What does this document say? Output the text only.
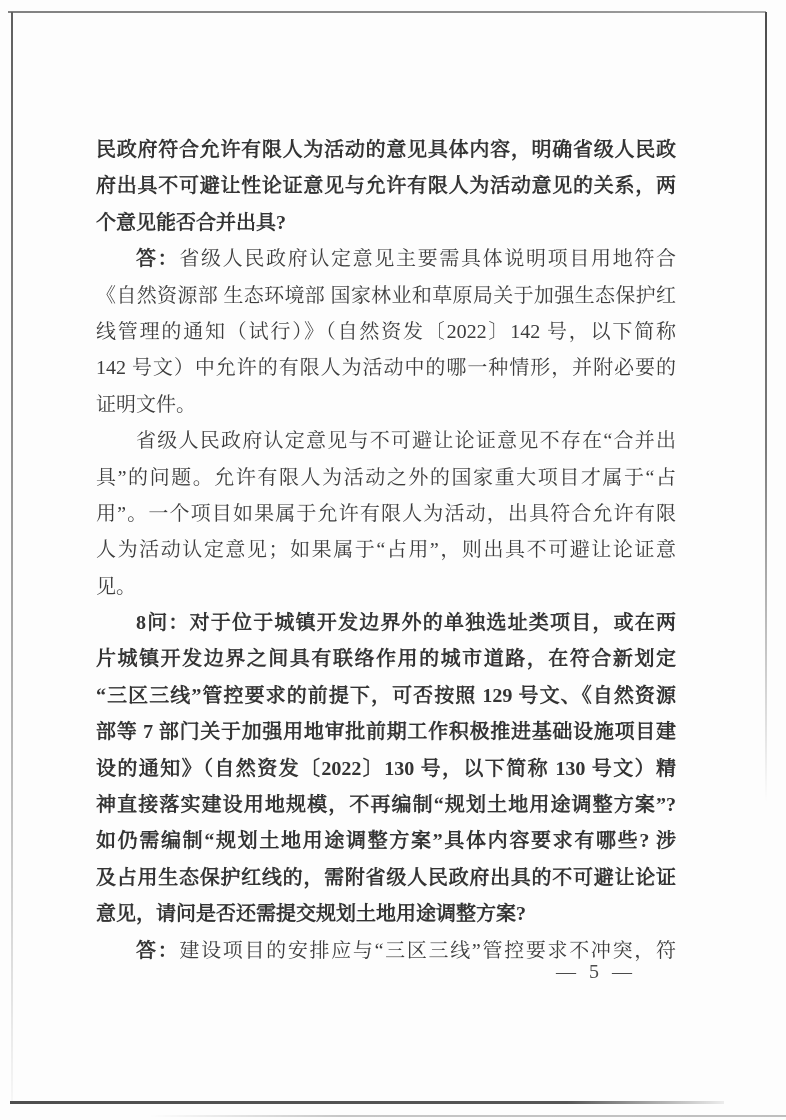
民政府符合允许有限人为活动的意见具体内容，明确省级人民政
府出具不可避让性论证意见与允许有限人为活动意见的关系，两
个意见能否合并出具?
答：省级人民政府认定意见主要需具体说明项目用地符合
《自然资源部 生态环境部 国家林业和草原局关于加强生态保护红
线管理的通知（试行）》（自然资发〔2022〕142 号，以下简称
142 号文）中允许的有限人为活动中的哪一种情形，并附必要的
证明文件。
省级人民政府认定意见与不可避让论证意见不存在“合并出
具”的问题。允许有限人为活动之外的国家重大项目才属于“占
用”。一个项目如果属于允许有限人为活动，出具符合允许有限
人为活动认定意见；如果属于“占用”，则出具不可避让论证意
见。
8问：对于位于城镇开发边界外的单独选址类项目，或在两
片城镇开发边界之间具有联络作用的城市道路，在符合新划定
“三区三线”管控要求的前提下，可否按照 129 号文、《自然资源
部等 7 部门关于加强用地审批前期工作积极推进基础设施项目建
设的通知》（自然资发〔2022〕130 号，以下简称 130 号文）精
神直接落实建设用地规模，不再编制“规划土地用途调整方案”?
如仍需编制“规划土地用途调整方案”具体内容要求有哪些? 涉
及占用生态保护红线的，需附省级人民政府出具的不可避让论证
意见，请问是否还需提交规划土地用途调整方案?
答：建设项目的安排应与“三区三线”管控要求不冲突，符
— 5 —
